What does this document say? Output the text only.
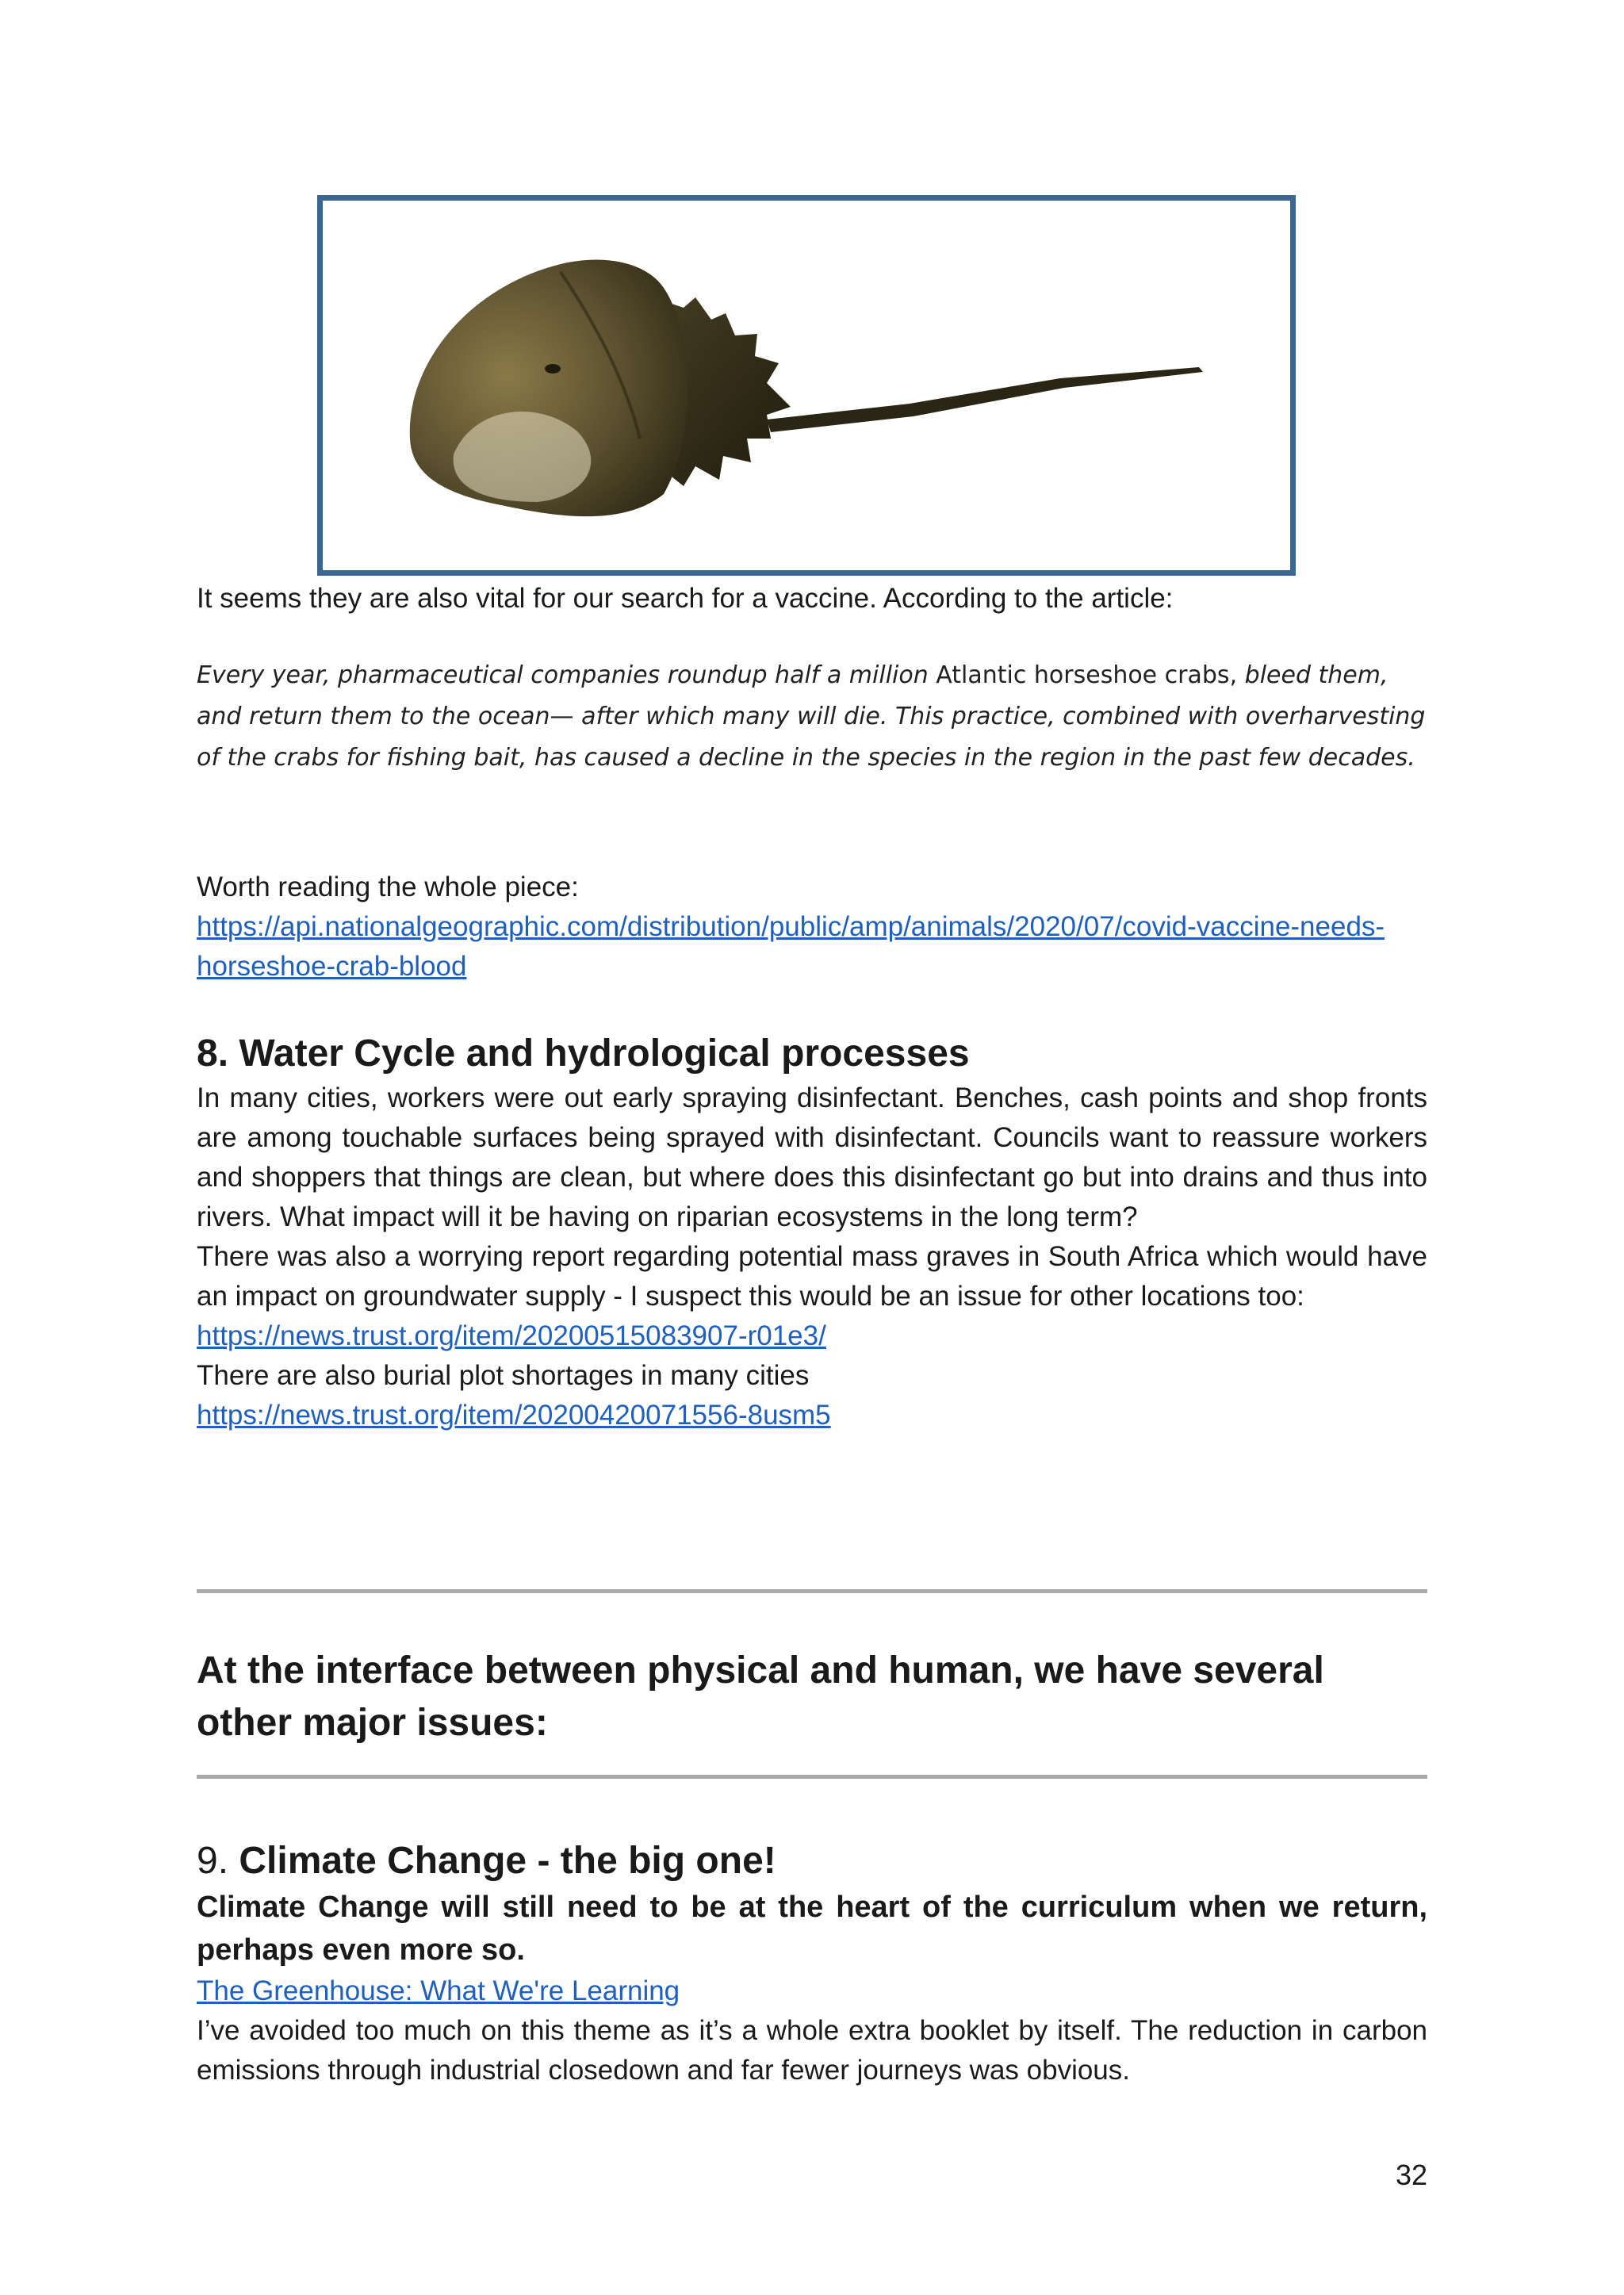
It seems they are also vital for our search for a vaccine. According to the article:

Every year, pharmaceutical companies roundup half a million Atlantic horseshoe crabs, bleed them, and return them to the ocean— after which many will die. This practice, combined with overharvesting of the crabs for fishing bait, has caused a decline in the species in the region in the past few decades.

Worth reading the whole piece:

https://api.nationalgeographic.com/distribution/public/amp/animals/2020/07/covid-vaccine-needs-horseshoe-crab-blood

8. Water Cycle and hydrological processes

In many cities, workers were out early spraying disinfectant. Benches, cash points and shop fronts are among touchable surfaces being sprayed with disinfectant. Councils want to reassure workers and shoppers that things are clean, but where does this disinfectant go but into drains and thus into rivers. What impact will it be having on riparian ecosystems in the long term?

There was also a worrying report regarding potential mass graves in South Africa which would have an impact on groundwater supply - I suspect this would be an issue for other locations too:

https://news.trust.org/item/20200515083907-r01e3/

There are also burial plot shortages in many cities

https://news.trust.org/item/20200420071556-8usm5

At the interface between physical and human, we have several other major issues:
9. Climate Change - the big one!

Climate Change will still need to be at the heart of the curriculum when we return, perhaps even more so.

The Greenhouse: What We're Learning

I’ve avoided too much on this theme as it’s a whole extra booklet by itself. The reduction in carbon emissions through industrial closedown and far fewer journeys was obvious.

32
